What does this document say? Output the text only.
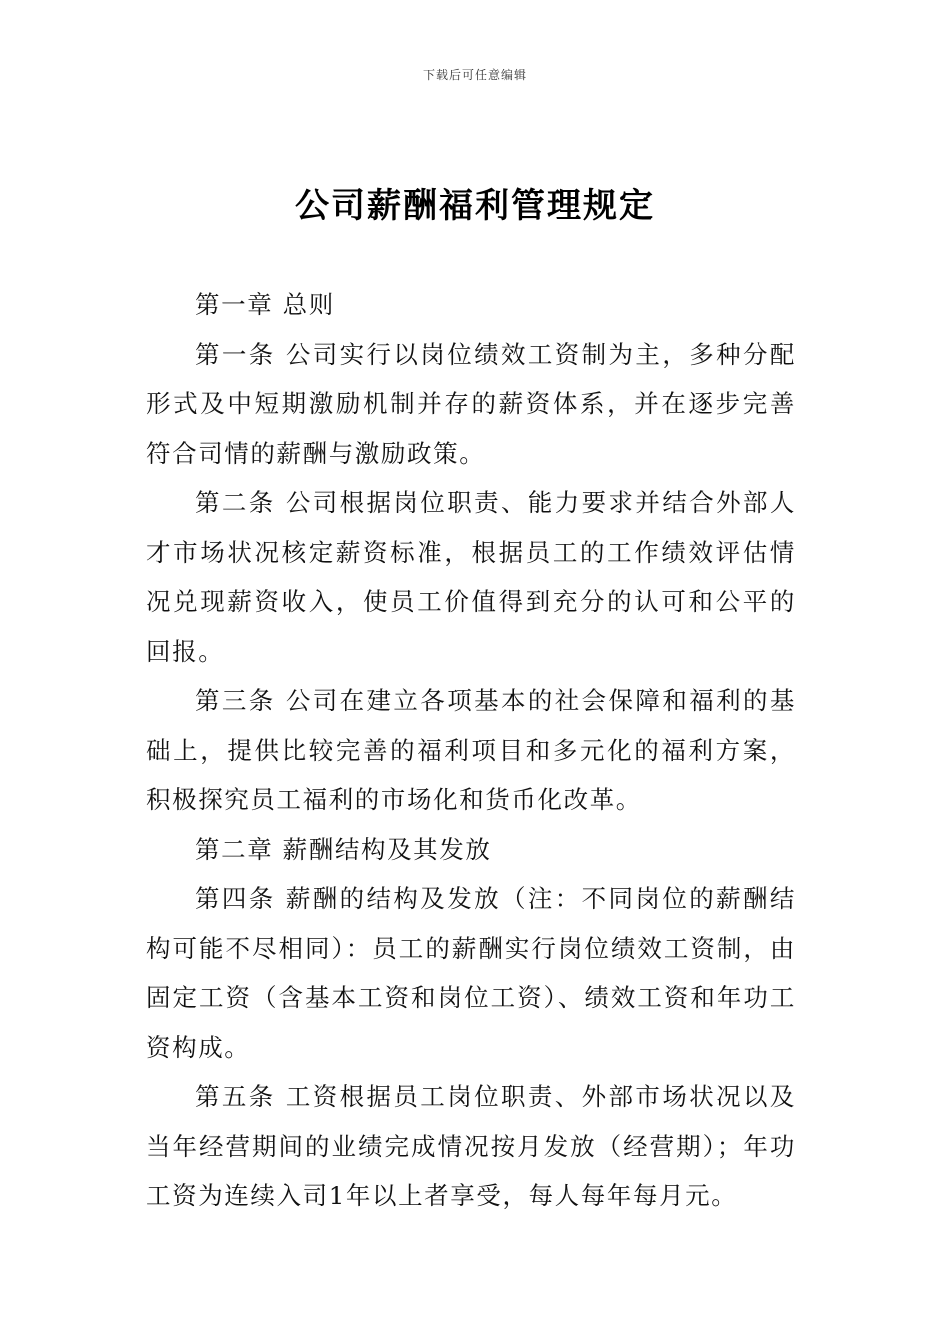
下载后可任意编辑
公司薪酬福利管理规定

第一章 总则

第一条 公司实行以岗位绩效工资制为主，多种分配形式及中短期激励机制并存的薪资体系，并在逐步完善符合司情的薪酬与激励政策。

第二条 公司根据岗位职责、能力要求并结合外部人才市场状况核定薪资标准，根据员工的工作绩效评估情况兑现薪资收入，使员工价值得到充分的认可和公平的回报。

第三条 公司在建立各项基本的社会保障和福利的基础上，提供比较完善的福利项目和多元化的福利方案，积极探究员工福利的市场化和货币化改革。

第二章 薪酬结构及其发放

第四条 薪酬的结构及发放（注：不同岗位的薪酬结构可能不尽相同）：员工的薪酬实行岗位绩效工资制，由固定工资（含基本工资和岗位工资）、绩效工资和年功工资构成。

第五条 工资根据员工岗位职责、外部市场状况以及当年经营期间的业绩完成情况按月发放（经营期）；年功工资为连续入司1年以上者享受，每人每年每月元。
